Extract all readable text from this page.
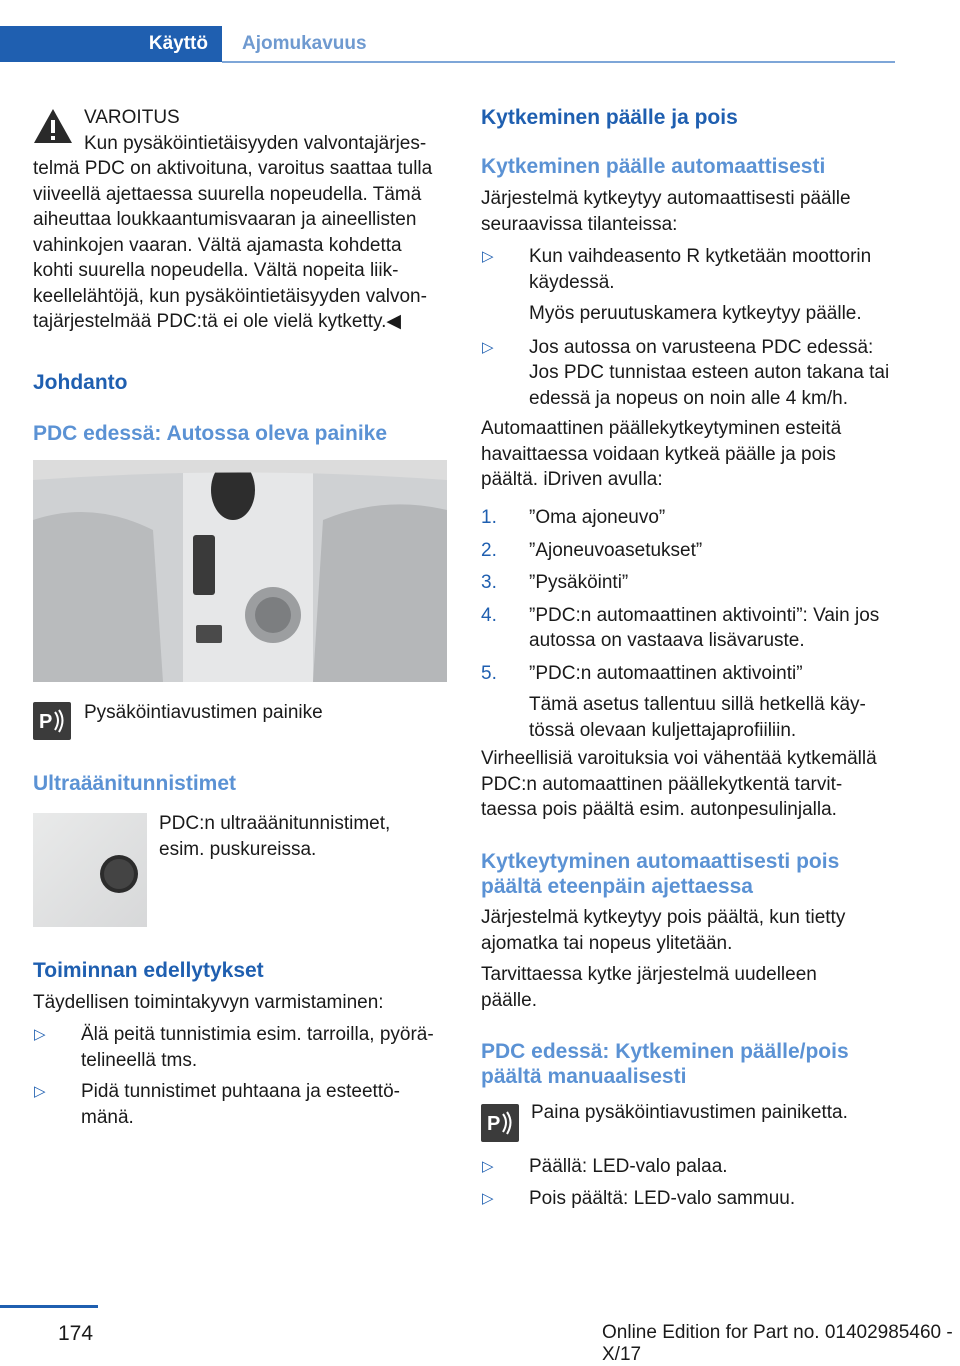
Käyttö	Ajomukavuus
VAROITUS
Kun pysäköintietäisyyden valvontajärjes-

telmä PDC on aktivoituna, varoitus saattaa tulla

viiveellä ajettaessa suurella nopeudella. Tämä

aiheuttaa loukkaantumisvaaran ja aineellisten

vahinkojen vaaran. Vältä ajamasta kohdetta

kohti suurella nopeudella. Vältä nopeita liik-

keellelähtöjä, kun pysäköintietäisyyden valvon-

tajärjestelmää PDC:tä ei ole vielä kytketty.◀

Johdanto
PDC edessä: Autossa oleva painike
P Pysäköintiavustimen painike
Ultraäänitunnistimet

PDC:n ultraäänitunnistimet,

esim. puskureissa.

Toiminnan edellytykset
Täydellisen toimintakyvyn varmistaminen:
▷ Älä peitä tunnistimia esim. tarroilla, pyörä-

telineellä tms.

▷ Pidä tunnistimet puhtaana ja esteettö-

mänä.

Kytkeminen päälle ja pois
Kytkeminen päälle automaattisesti

Järjestelmä kytkeytyy automaattisesti päälle

seuraavissa tilanteissa:

▷ Kun vaihdeasento R kytketään moottorin

käydessä.

Myös peruutuskamera kytkeytyy päälle.

▷ Jos autossa on varusteena PDC edessä:

Jos PDC tunnistaa esteen auton takana tai

edessä ja nopeus on noin alle 4 km/h.

Automaattinen päällekytkeytyminen esteitä

havaittaessa voidaan kytkeä päälle ja pois

päältä. iDriven avulla:

1. ”Oma ajoneuvo”

2. ”Ajoneuvoasetukset”

3. ”Pysäköinti”

4. ”PDC:n automaattinen aktivointi”: Vain jos

autossa on vastaava lisävaruste.

5. ”PDC:n automaattinen aktivointi”

Tämä asetus tallentuu sillä hetkellä käy-

tössä olevaan kuljettajaprofiiliin.

Virheellisiä varoituksia voi vähentää kytkemällä

PDC:n automaattinen päällekytkentä tarvit-

taessa pois päältä esim. autonpesulinjalla.

Kytkeytyminen automaattisesti pois

päältä eteenpäin ajettaessa

Järjestelmä kytkeytyy pois päältä, kun tietty

ajomatka tai nopeus ylitetään.

Tarvittaessa kytke järjestelmä uudelleen

päälle.

PDC edessä: Kytkeminen päälle/pois

päältä manuaalisesti

P
Paina pysäköintiavustimen painiketta.
▷ Päällä: LED-valo palaa.

▷ Pois päältä: LED-valo sammuu.

174	Online Edition for Part no. 01402985460 - X/17
